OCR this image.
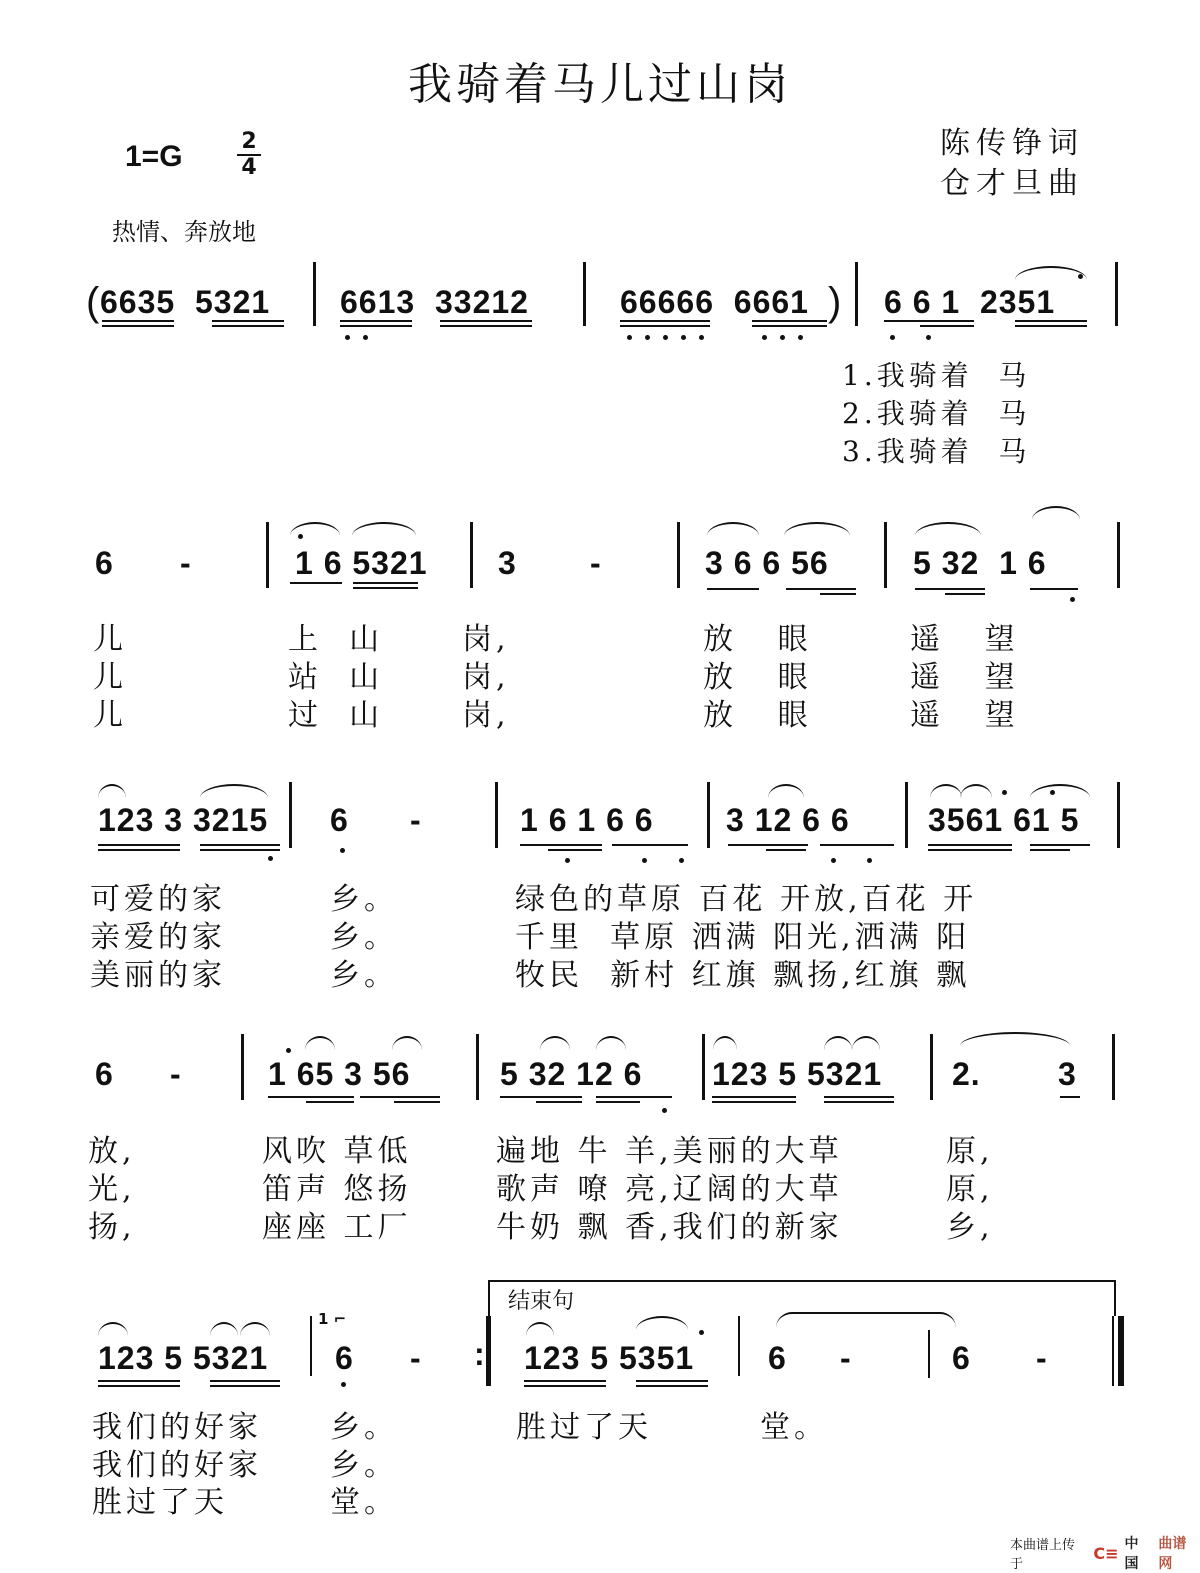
我骑着马儿过山岗
陈传铮词
仓才旦曲
$1=G \frac{2}{4}$
热情、奔放地
( 6635  5321 6613  33212	66666  6661 ) 6 6 1  2351
1.我骑着  马
2.我骑着  马
3.我骑着  马
6 -	1 6 5321 3 -	3 6 6 56	5 32  1 6
儿	上  山	岗,	放   眼	遥   望
儿	站  山	岗,	放   眼	遥   望
儿	过  山	岗,	放   眼	遥   望
123 3 3215 6 -	1 6 1 6 6 3 12 6 6 3561 61 5
可爱的家	乡。	绿色的草原 百花 开放,百花 开
亲爱的家	乡。	千里  草原 洒满 阳光,洒满 阳
美丽的家	乡。	牧民  新村 红旗 飘扬,红旗 飘
6 -	1 65 3 56	5 32 12 6 123 5 5321 2. 3
放,	风吹 草低	遍地 牛 羊,美丽的大草	原,
光,	笛声 悠扬	歌声 嘹 亮,辽阔的大草	原,
扬,	座座 工厂	牛奶 飘 香,我们的新家	乡,
123 5 5321
1 ⌐
6 - :
结束句
123 5 5351 6 -	6 -
我们的好家 乡。	胜过了天	堂。
我们的好家 乡。
胜过了天	堂。
本曲谱上传于
C≡ 中国
曲谱网
